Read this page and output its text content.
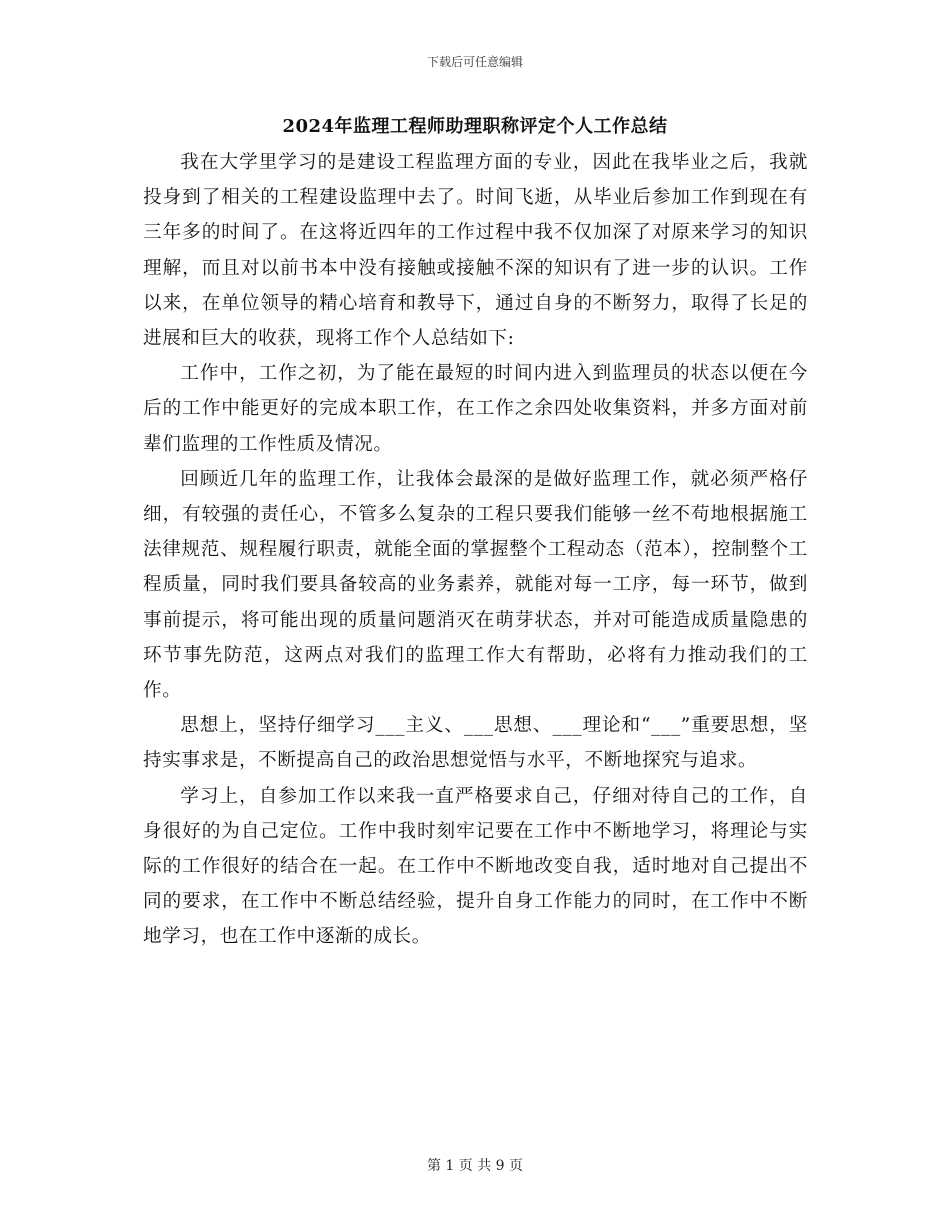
下载后可任意编辑
2024年监理工程师助理职称评定个人工作总结

我在大学里学习的是建设工程监理方面的专业，因此在我毕业之后，我就投身到了相关的工程建设监理中去了。时间飞逝，从毕业后参加工作到现在有三年多的时间了。在这将近四年的工作过程中我不仅加深了对原来学习的知识理解，而且对以前书本中没有接触或接触不深的知识有了进一步的认识。工作以来，在单位领导的精心培育和教导下，通过自身的不断努力，取得了长足的进展和巨大的收获，现将工作个人总结如下:

工作中，工作之初，为了能在最短的时间内进入到监理员的状态以便在今后的工作中能更好的完成本职工作，在工作之余四处收集资料，并多方面对前辈们监理的工作性质及情况。

回顾近几年的监理工作，让我体会最深的是做好监理工作，就必须严格仔细，有较强的责任心，不管多么复杂的工程只要我们能够一丝不苟地根据施工法律规范、规程履行职责，就能全面的掌握整个工程动态（范本），控制整个工程质量，同时我们要具备较高的业务素养，就能对每一工序，每一环节，做到事前提示，将可能出现的质量问题消灭在萌芽状态，并对可能造成质量隐患的环节事先防范，这两点对我们的监理工作大有帮助，必将有力推动我们的工作。

思想上，坚持仔细学习___主义、___思想、___理论和“___”重要思想，坚持实事求是，不断提高自己的政治思想觉悟与水平，不断地探究与追求。

学习上，自参加工作以来我一直严格要求自己，仔细对待自己的工作，自身很好的为自己定位。工作中我时刻牢记要在工作中不断地学习，将理论与实际的工作很好的结合在一起。在工作中不断地改变自我，适时地对自己提出不同的要求，在工作中不断总结经验，提升自身工作能力的同时，在工作中不断地学习，也在工作中逐渐的成长。

第 1 页 共 9 页
